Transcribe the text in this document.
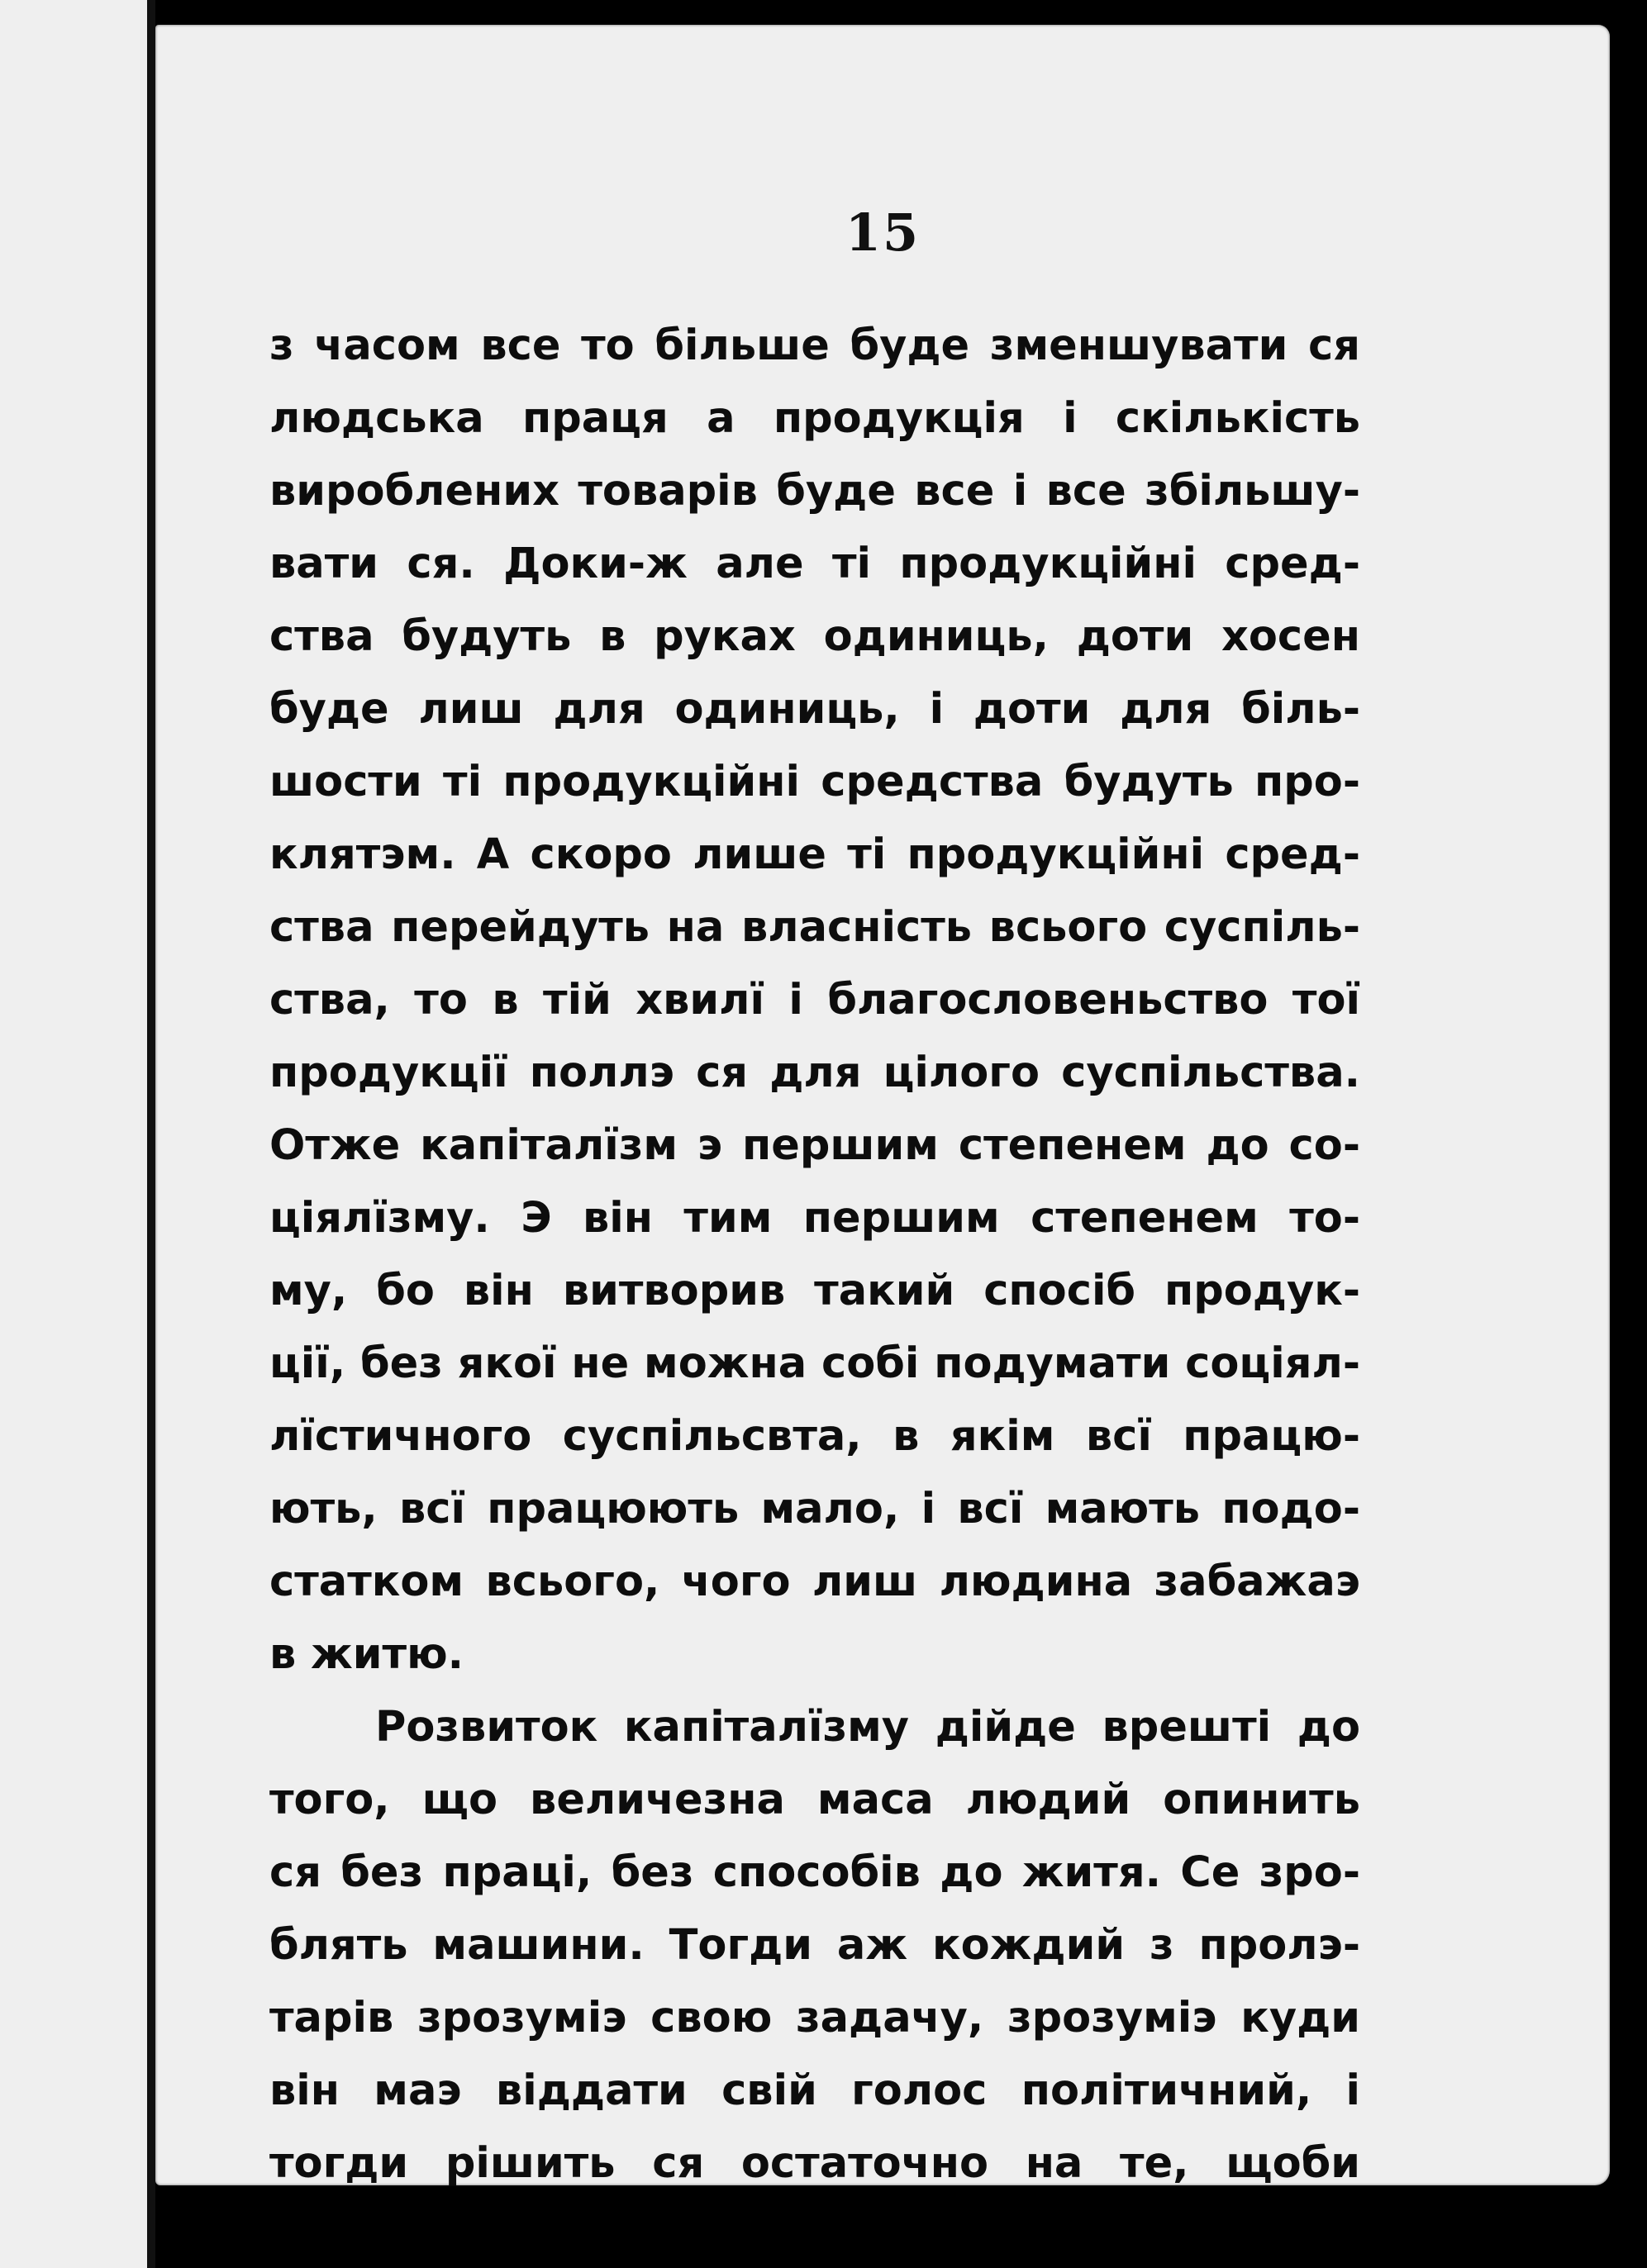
15
з часом все то більше буде зменшувати ся
людська праця а продукція і скількість
вироблених товарів буде все і все збільшу-
вати ся. Доки-ж але ті продукційні сред-
ства будуть в руках одиниць, доти хосен
буде лиш для одиниць, і доти для біль-
шости ті продукційні средства будуть про-
клятэм. А скоро лише ті продукційні сред-
ства перейдуть на власність всього суспіль-
ства, то в тій хвилї і благословеньство тої
продукції поллэ ся для цілого суспільства.
Отже капіталїзм э першим степенем до со-
ціялїзму. Э він тим першим степенем то-
му, бо він витворив такий спосіб продук-
ції, без якої не можна собі подумати соціял-
лїстичного суспільсвта, в якім всї працю-
ють, всї працюють мало, і всї мають подо-
статком всього, чого лиш людина забажаэ
в житю.
Розвиток капіталїзму дійде врешті до
того, що величезна маса людий опинить
ся без праці, без способів до житя. Се зро-
блять машини. Тогди аж кождий з пролэ-
тарів зрозуміэ свою задачу, зрозуміэ куди
він маэ віддати свій голос політичний, і
тогди рішить ся остаточно на те, щоби
